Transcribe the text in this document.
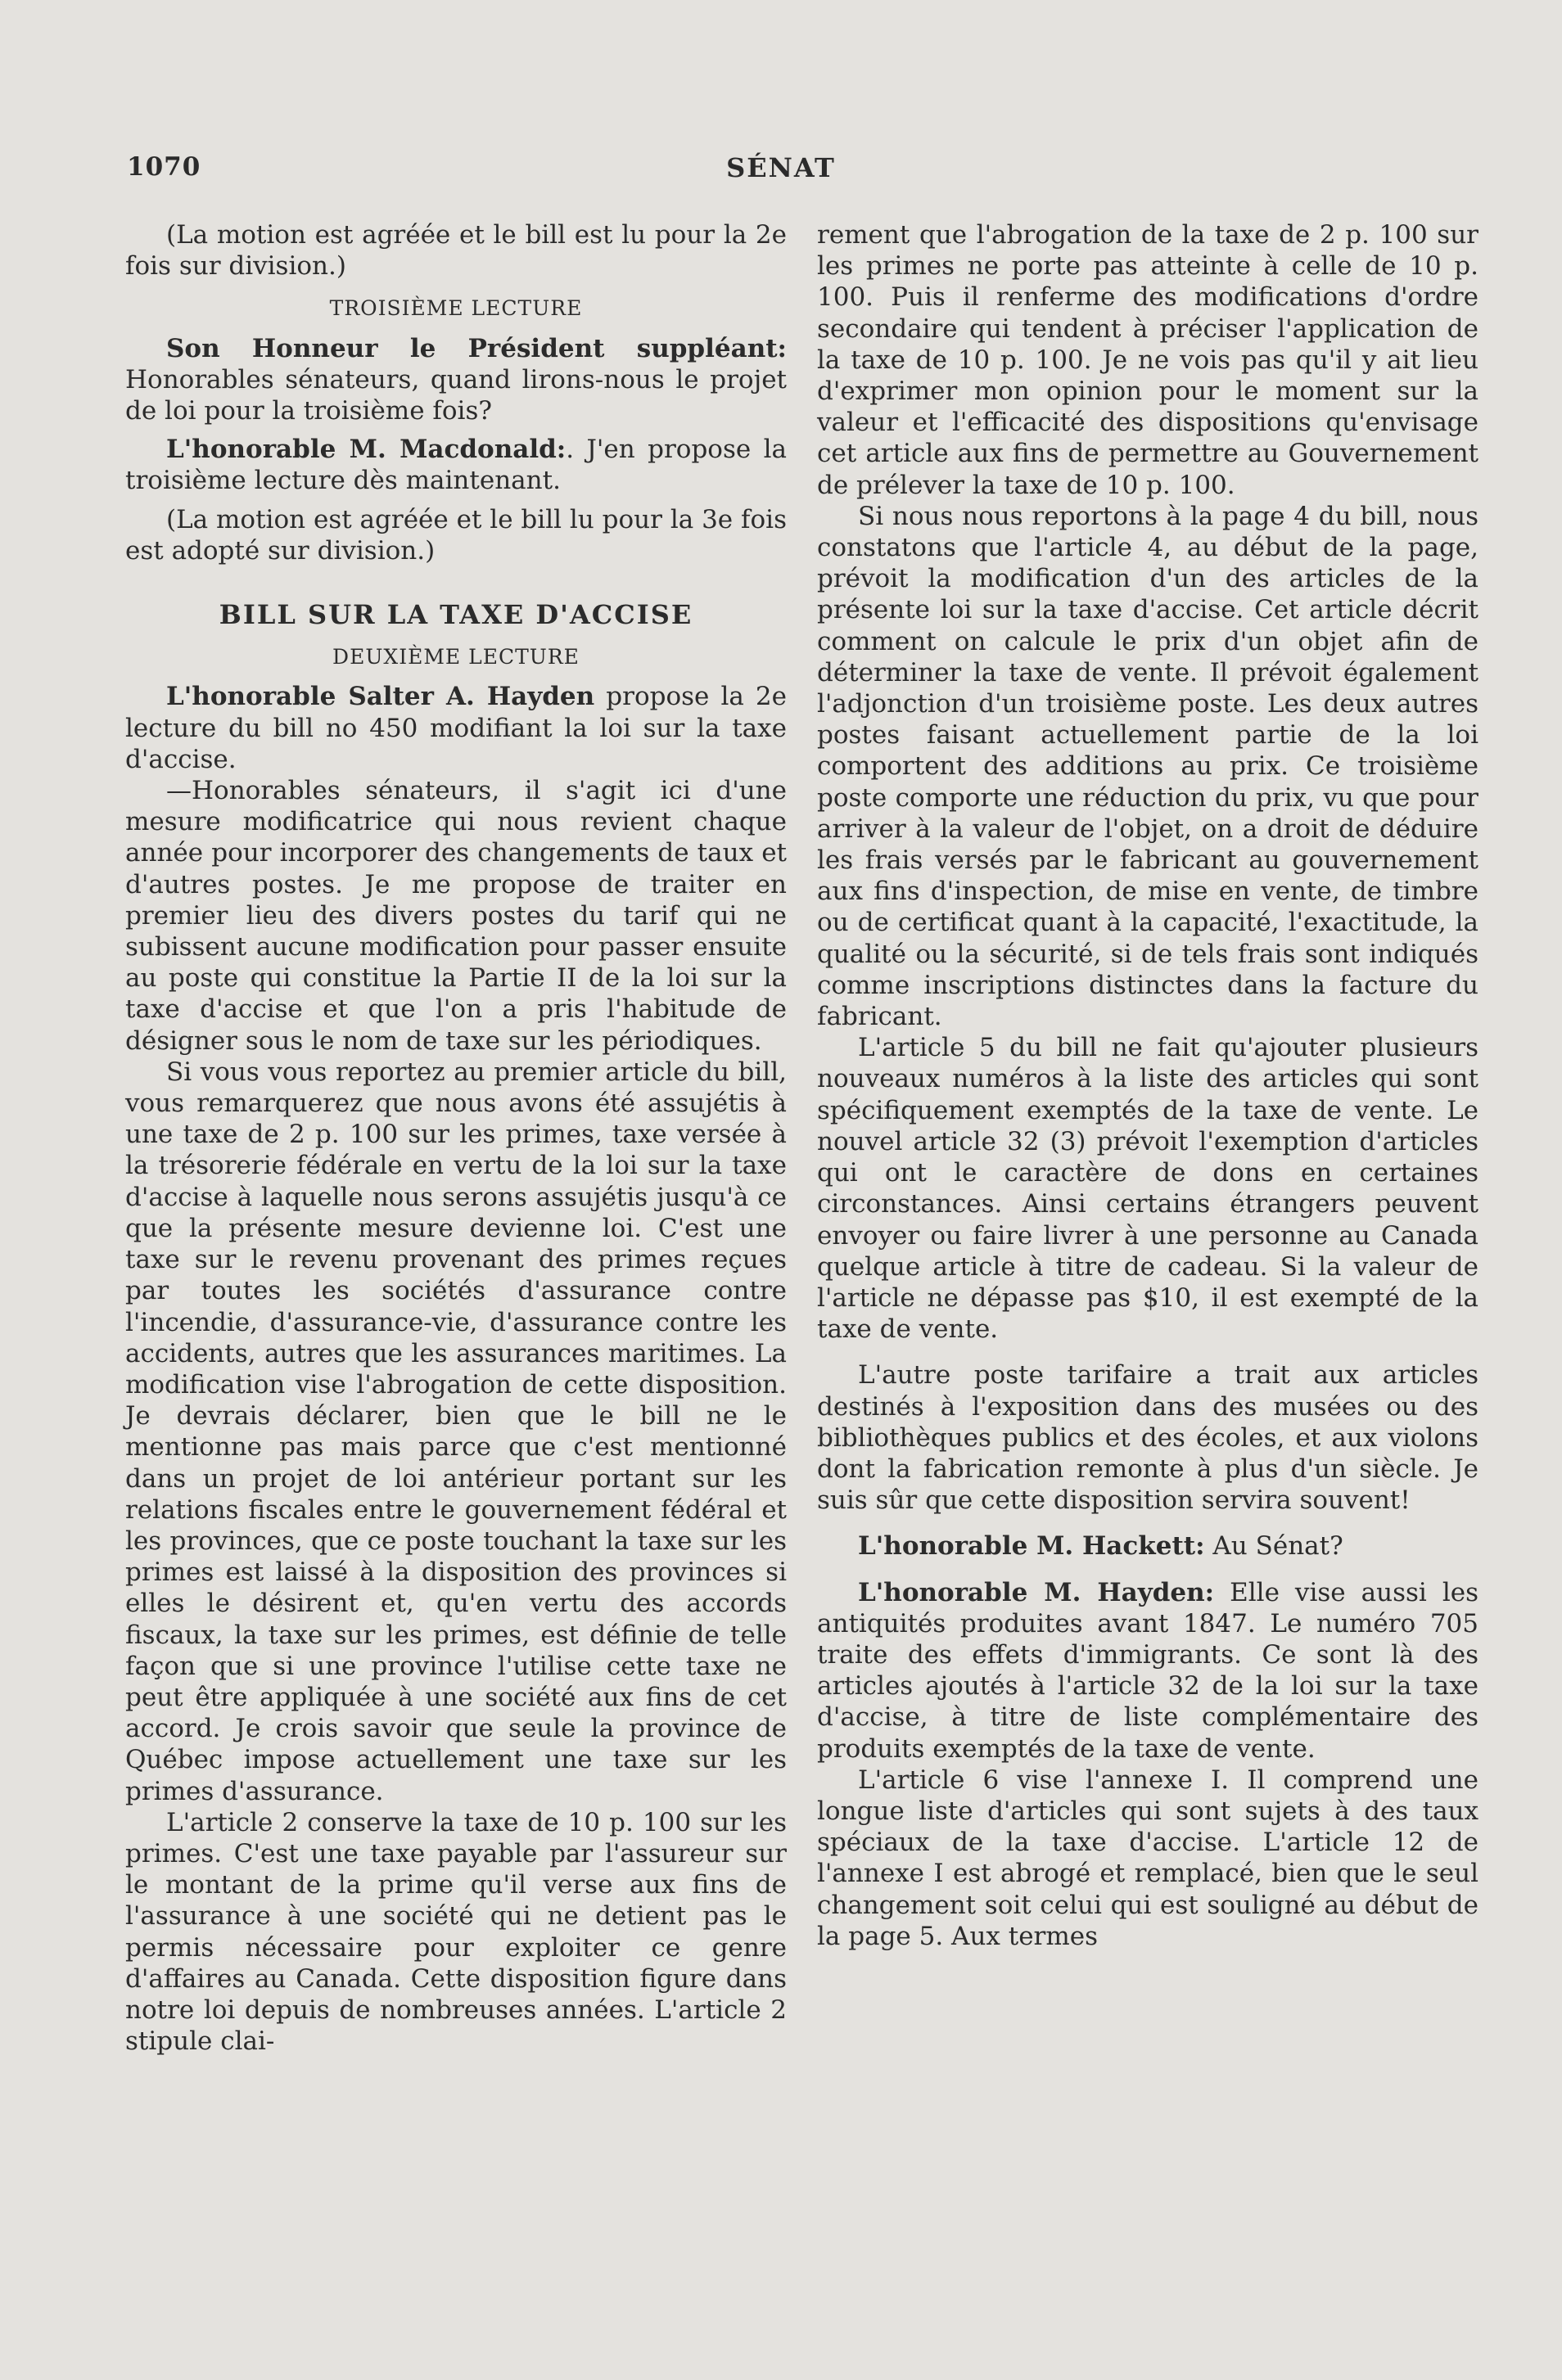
1070	SÉNAT

(La motion est agréée et le bill est lu pour la 2e fois sur division.)

TROISIÈME LECTURE

Son Honneur le Président suppléant: Honorables sénateurs, quand lirons-nous le projet de loi pour la troisième fois?

L'honorable M. Macdonald:. J'en propose la troisième lecture dès maintenant.

(La motion est agréée et le bill lu pour la 3e fois est adopté sur division.)

BILL SUR LA TAXE D'ACCISE
DEUXIÈME LECTURE

L'honorable Salter A. Hayden propose la 2e lecture du bill no 450 modifiant la loi sur la taxe d'accise.

—Honorables sénateurs, il s'agit ici d'une mesure modificatrice qui nous revient chaque année pour incorporer des changements de taux et d'autres postes. Je me propose de traiter en premier lieu des divers postes du tarif qui ne subissent aucune modification pour passer ensuite au poste qui constitue la Partie II de la loi sur la taxe d'accise et que l'on a pris l'habitude de désigner sous le nom de taxe sur les périodiques.

Si vous vous reportez au premier article du bill, vous remarquerez que nous avons été assujétis à une taxe de 2 p. 100 sur les primes, taxe versée à la trésorerie fédérale en vertu de la loi sur la taxe d'accise à laquelle nous serons assujétis jusqu'à ce que la présente mesure devienne loi. C'est une taxe sur le revenu provenant des primes reçues par toutes les sociétés d'assurance contre l'incendie, d'assurance-vie, d'assurance contre les accidents, autres que les assurances maritimes. La modification vise l'abrogation de cette disposition. Je devrais déclarer, bien que le bill ne le mentionne pas mais parce que c'est mentionné dans un projet de loi antérieur portant sur les relations fiscales entre le gouvernement fédéral et les provinces, que ce poste touchant la taxe sur les primes est laissé à la disposition des provinces si elles le désirent et, qu'en vertu des accords fiscaux, la taxe sur les primes, est définie de telle façon que si une province l'utilise cette taxe ne peut être appliquée à une société aux fins de cet accord. Je crois savoir que seule la province de Québec impose actuellement une taxe sur les primes d'assurance.

L'article 2 conserve la taxe de 10 p. 100 sur les primes. C'est une taxe payable par l'assureur sur le montant de la prime qu'il verse aux fins de l'assurance à une société qui ne detient pas le permis nécessaire pour exploiter ce genre d'affaires au Canada. Cette disposition figure dans notre loi depuis de nombreuses années. L'article 2 stipule clai-

rement que l'abrogation de la taxe de 2 p. 100 sur les primes ne porte pas atteinte à celle de 10 p. 100. Puis il renferme des modifications d'ordre secondaire qui tendent à préciser l'application de la taxe de 10 p. 100. Je ne vois pas qu'il y ait lieu d'exprimer mon opinion pour le moment sur la valeur et l'efficacité des dispositions qu'envisage cet article aux fins de permettre au Gouvernement de prélever la taxe de 10 p. 100.

Si nous nous reportons à la page 4 du bill, nous constatons que l'article 4, au début de la page, prévoit la modification d'un des articles de la présente loi sur la taxe d'accise. Cet article décrit comment on calcule le prix d'un objet afin de déterminer la taxe de vente. Il prévoit également l'adjonction d'un troisième poste. Les deux autres postes faisant actuellement partie de la loi comportent des additions au prix. Ce troisième poste comporte une réduction du prix, vu que pour arriver à la valeur de l'objet, on a droit de déduire les frais versés par le fabricant au gouvernement aux fins d'inspection, de mise en vente, de timbre ou de certificat quant à la capacité, l'exactitude, la qualité ou la sécurité, si de tels frais sont indiqués comme inscriptions distinctes dans la facture du fabricant.

L'article 5 du bill ne fait qu'ajouter plusieurs nouveaux numéros à la liste des articles qui sont spécifiquement exemptés de la taxe de vente. Le nouvel article 32 (3) prévoit l'exemption d'articles qui ont le caractère de dons en certaines circonstances. Ainsi certains étrangers peuvent envoyer ou faire livrer à une personne au Canada quelque article à titre de cadeau. Si la valeur de l'article ne dépasse pas $10, il est exempté de la taxe de vente.

L'autre poste tarifaire a trait aux articles destinés à l'exposition dans des musées ou des bibliothèques publics et des écoles, et aux violons dont la fabrication remonte à plus d'un siècle. Je suis sûr que cette disposition servira souvent!

L'honorable M. Hackett: Au Sénat?

L'honorable M. Hayden: Elle vise aussi les antiquités produites avant 1847. Le numéro 705 traite des effets d'immigrants. Ce sont là des articles ajoutés à l'article 32 de la loi sur la taxe d'accise, à titre de liste complémentaire des produits exemptés de la taxe de vente.

L'article 6 vise l'annexe I. Il comprend une longue liste d'articles qui sont sujets à des taux spéciaux de la taxe d'accise. L'article 12 de l'annexe I est abrogé et remplacé, bien que le seul changement soit celui qui est souligné au début de la page 5. Aux termes
